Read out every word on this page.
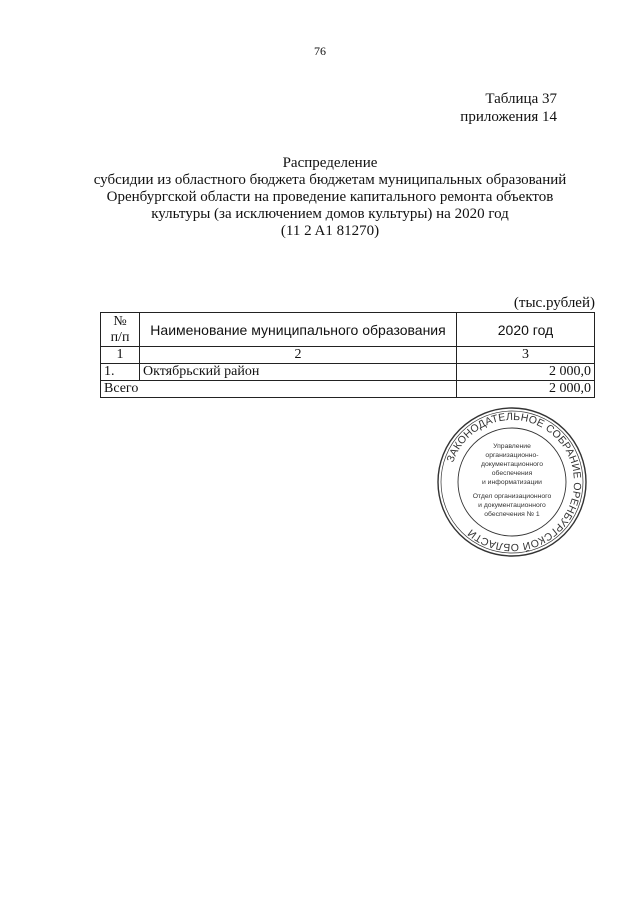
76
Таблица 37
приложения 14
Распределение
субсидии из областного бюджета бюджетам муниципальных образований
Оренбургской области на проведение капитального ремонта объектов
культуры (за исключением домов культуры) на 2020 год
(11 2 A1 81270)
(тыс.рублей)
№
п/п	Наименование муниципального образования	2020 год
1	2	3
1.	Октябрьский район	2 000,0
Всего		2 000,0
ЗАКОНОДАТЕЛЬНОЕ СОБРАНИЕ ОРЕНБУРГСКОЙ ОБЛАСТИ
Управление
организационно-
документационного
обеспечения
и информатизации
Отдел организационного
и документационного
обеспечения № 1
